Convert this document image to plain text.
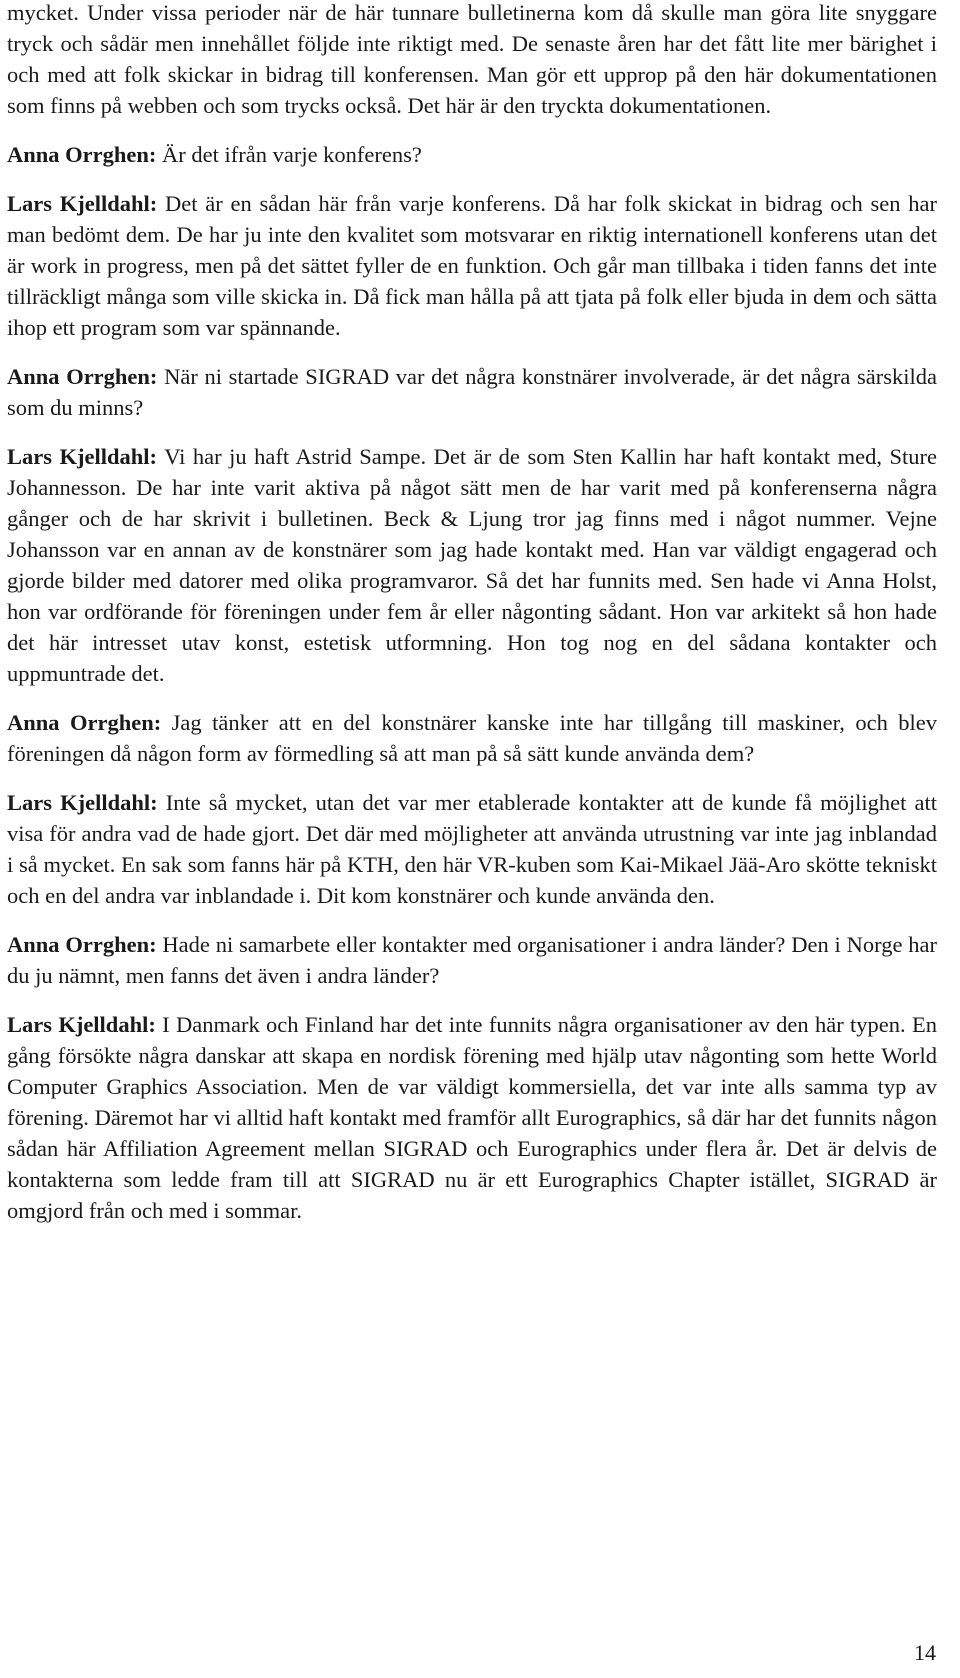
mycket. Under vissa perioder när de här tunnare bulletinerna kom då skulle man göra lite snyggare tryck och sådär men innehållet följde inte riktigt med. De senaste åren har det fått lite mer bärighet i och med att folk skickar in bidrag till konferensen. Man gör ett upprop på den här dokumentationen som finns på webben och som trycks också. Det här är den tryckta dokumentationen.

Anna Orrghen: Är det ifrån varje konferens?

Lars Kjelldahl: Det är en sådan här från varje konferens. Då har folk skickat in bidrag och sen har man bedömt dem. De har ju inte den kvalitet som motsvarar en riktig internationell konferens utan det är work in progress, men på det sättet fyller de en funktion. Och går man tillbaka i tiden fanns det inte tillräckligt många som ville skicka in. Då fick man hålla på att tjata på folk eller bjuda in dem och sätta ihop ett program som var spännande.

Anna Orrghen: När ni startade SIGRAD var det några konstnärer involverade, är det några särskilda som du minns?

Lars Kjelldahl: Vi har ju haft Astrid Sampe. Det är de som Sten Kallin har haft kontakt med, Sture Johannesson. De har inte varit aktiva på något sätt men de har varit med på konferenserna några gånger och de har skrivit i bulletinen. Beck & Ljung tror jag finns med i något nummer. Vejne Johansson var en annan av de konstnärer som jag hade kontakt med. Han var väldigt engagerad och gjorde bilder med datorer med olika programvaror. Så det har funnits med. Sen hade vi Anna Holst, hon var ordförande för föreningen under fem år eller någonting sådant. Hon var arkitekt så hon hade det här intresset utav konst, estetisk utformning. Hon tog nog en del sådana kontakter och uppmuntrade det.

Anna Orrghen: Jag tänker att en del konstnärer kanske inte har tillgång till maskiner, och blev föreningen då någon form av förmedling så att man på så sätt kunde använda dem?

Lars Kjelldahl: Inte så mycket, utan det var mer etablerade kontakter att de kunde få möjlighet att visa för andra vad de hade gjort. Det där med möjligheter att använda utrustning var inte jag inblandad i så mycket. En sak som fanns här på KTH, den här VR-kuben som Kai-Mikael Jää-Aro skötte tekniskt och en del andra var inblandade i. Dit kom konstnärer och kunde använda den.

Anna Orrghen: Hade ni samarbete eller kontakter med organisationer i andra länder? Den i Norge har du ju nämnt, men fanns det även i andra länder?

Lars Kjelldahl: I Danmark och Finland har det inte funnits några organisationer av den här typen. En gång försökte några danskar att skapa en nordisk förening med hjälp utav någonting som hette World Computer Graphics Association. Men de var väldigt kommersiella, det var inte alls samma typ av förening. Däremot har vi alltid haft kontakt med framför allt Eurographics, så där har det funnits någon sådan här Affiliation Agreement mellan SIGRAD och Eurographics under flera år. Det är delvis de kontakterna som ledde fram till att SIGRAD nu är ett Eurographics Chapter istället, SIGRAD är omgjord från och med i sommar.

14
